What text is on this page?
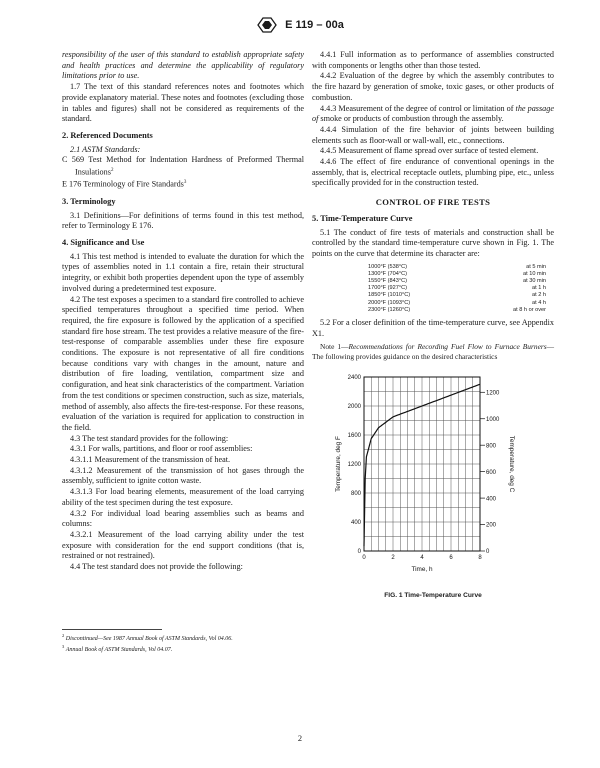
E 119 – 00a

responsibility of the user of this standard to establish appropriate safety and health practices and determine the applicability of regulatory limitations prior to use.

1.7 The text of this standard references notes and footnotes which provide explanatory material. These notes and footnotes (excluding those in tables and figures) shall not be considered as requirements of the standard.

2. Referenced Documents

2.1 ASTM Standards:

C 569 Test Method for Indentation Hardness of Preformed Thermal Insulations$^2$

E 176 Terminology of Fire Standards$^3$

3. Terminology

3.1 Definitions—For definitions of terms found in this test method, refer to Terminology E 176.

4. Significance and Use

4.1 This test method is intended to evaluate the duration for which the types of assemblies noted in 1.1 contain a fire, retain their structural integrity, or exhibit both properties dependent upon the type of assembly involved during a predetermined test exposure.

4.2 The test exposes a specimen to a standard fire controlled to achieve specified temperatures throughout a specified time period. When required, the fire exposure is followed by the application of a specified standard fire hose stream. The test provides a relative measure of the fire-test-response of comparable assemblies under these fire exposure conditions. The exposure is not representative of all fire conditions because conditions vary with changes in the amount, nature and distribution of fire loading, ventilation, compartment size and configuration, and heat sink characteristics of the compartment. Variation from the test conditions or specimen construction, such as size, materials, method of assembly, also affects the fire-test-response. For these reasons, evaluation of the variation is required for application to construction in the field.

4.3 The test standard provides for the following:

4.3.1 For walls, partitions, and floor or roof assemblies:

4.3.1.1 Measurement of the transmission of heat.

4.3.1.2 Measurement of the transmission of hot gases through the assembly, sufficient to ignite cotton waste.

4.3.1.3 For load bearing elements, measurement of the load carrying ability of the test specimen during the test exposure.

4.3.2 For individual load bearing assemblies such as beams and columns:

4.3.2.1 Measurement of the load carrying ability under the test exposure with consideration for the end support conditions (that is, restrained or not restrained).

4.4 The test standard does not provide the following:

4.4.1 Full information as to performance of assemblies constructed with components or lengths other than those tested.

4.4.2 Evaluation of the degree by which the assembly contributes to the fire hazard by generation of smoke, toxic gases, or other products of combustion.

4.4.3 Measurement of the degree of control or limitation of the passage of smoke or products of combustion through the assembly.

4.4.4 Simulation of the fire behavior of joints between building elements such as floor-wall or wall-wall, etc., connections.

4.4.5 Measurement of flame spread over surface of tested element.

4.4.6 The effect of fire endurance of conventional openings in the assembly, that is, electrical receptacle outlets, plumbing pipe, etc., unless specifically provided for in the construction tested.

CONTROL OF FIRE TESTS
5. Time-Temperature Curve

5.1 The conduct of fire tests of materials and construction shall be controlled by the standard time-temperature curve shown in Fig. 1. The points on the curve that determine its character are:

1000°F (538°C)	at 5 min
1300°F (704°C)	at 10 min
1550°F (843°C)	at 30 min
1700°F (927°C)	at 1 h
1850°F (1010°C)	at 2 h
2000°F (1093°C)	at 4 h
2300°F (1260°C)	at 8 h or over

5.2 For a closer definition of the time-temperature curve, see Appendix X1.

Note 1—Recommendations for Recording Fuel Flow to Furnace Burners—The following provides guidance on the desired characteristics

0
400
800
1200
1600
2000
2400
0
200
400
600
800
1000
1200
0	2	4	6	8
Time, h
Temperature, deg F	Temperature, deg C
FIG. 1 Time-Temperature Curve

$^2$ Discontinued—See 1987 Annual Book of ASTM Standards, Vol 04.06.

$^3$ Annual Book of ASTM Standards, Vol 04.07.

2
